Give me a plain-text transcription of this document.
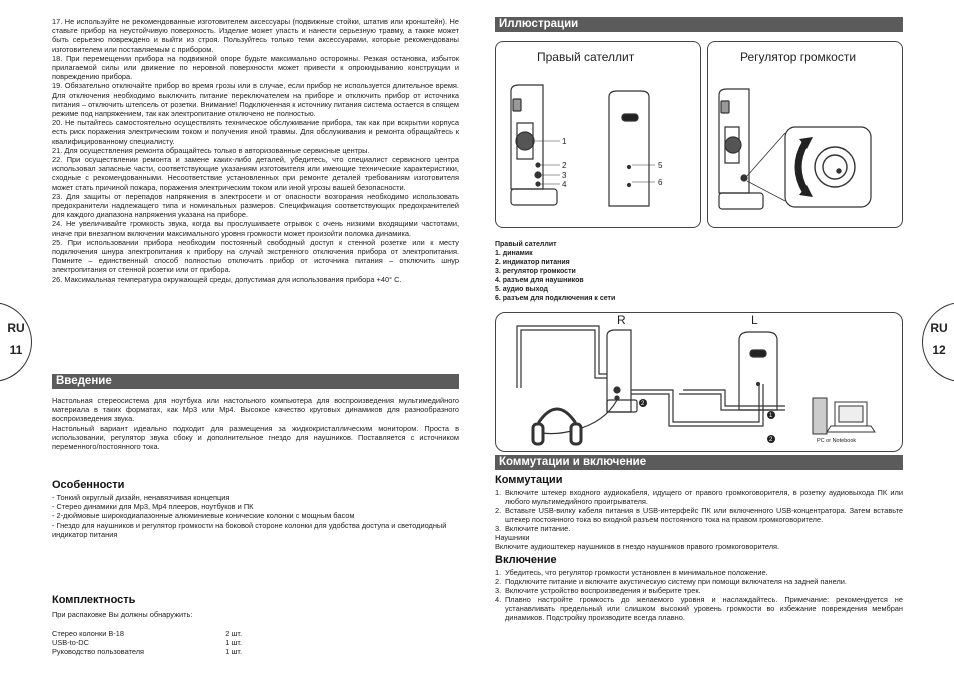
17. Не используйте не рекомендованные изготовителем аксессуары (подвижные стойки, штатив или кронштейн). Не ставьте прибор на неустойчивую поверхность. Изделие может упасть и нанести серьезную травму, а также может быть серьезно повреждено и выйти из строя. Пользуйтесь только теми аксессуарами, которые рекомендованы изготовителем или поставляемым с прибором.

18. При перемещении прибора на подвижной опоре будьте максимально осторожны. Резкая остановка, избыток прилагаемой силы или движение по неровной поверхности может привести к опрокидыванию конструкции и повреждению прибора.

19. Обязательно отключайте прибор во время грозы или в случае, если прибор не используется длительное время. Для отключения необходимо выключить питание переключателем на приборе и отключить прибор от источника питания – отключить штепсель от розетки. Внимание! Подключенная к источнику питания система остается в спящем режиме под напряжением, так как электропитание отключено не полностью.

20. Не пытайтесь самостоятельно осуществлять техническое обслуживание прибора, так как при вскрытии корпуса есть риск поражения электрическим током и получения иной травмы. Для обслуживания и ремонта обращайтесь к квалифицированному специалисту.

21. Для осуществления ремонта обращайтесь только в авторизованные сервисные центры.

22. При осуществлении ремонта и замене каких-либо деталей, убедитесь, что специалист сервисного центра использовал запасные части, соответствующие указаниям изготовителя или имеющие технические характеристики, сходные с рекомендованными. Несоответствие установленных при ремонте деталей требованиям изготовителя может стать причиной пожара, поражения электрическим током или иной угрозы вашей безопасности.

23. Для защиты от перепадов напряжения в электросети и от опасности возгорания необходимо использовать предохранители надлежащего типа и номинальных размеров. Спецификация соответствующих предохранителей для каждого диапазона напряжения указана на приборе.

24. Не увеличивайте громкость звука, когда вы прослушиваете отрывок с очень низкими входящими частотами, иначе при внезапном включении максимального уровня громкости может произойти поломка динамика.

25. При использовании прибора необходим постоянный свободный доступ к стенной розетке или к месту подключения шнура электропитания к прибору на случай экстренного отключения прибора от электропитания. Помните – единственный способ полностью отключить прибор от источника питания – отключить шнур электропитания от стенной розетки или от прибора.

26. Максимальная температура окружающей среды, допустимая для использования прибора +40° С.

Введение

Настольная стереосистема для ноутбука или настольного компьютера для воспроизведения мультимедийного материала в таких форматах, как Mp3 или Mp4. Высокое качество круговых динамиков для разнообразного воспроизведения звука.

Настольный вариант идеально подходит для размещения за жидкокристаллическим монитором. Проста в использовании, регулятор звука сбоку и дополнительное гнездо для наушников. Поставляется с источником переменного/постоянного тока.

Особенности

- Тонкий округлый дизайн, ненавязчивая концепция

- Стерео динамики для Mp3, Mp4 плееров, ноутбуков и ПК

- 2-дюймовые широкодиапазонные алюминиевые конические колонки с мощным басом

- Гнездо для наушников и регулятор громкости на боковой стороне колонки для удобства доступа и светодиодный индикатор питания

Комплектность

При распаковке Вы должны обнаружить:

Стерео колонки В-18	2 шт.
USB-to-DC	1 шт.
Руководство пользователя	1 шт.
RU
11
Иллюстрации
Правый сателлит	Регулятор громкости
1
2
3
4
5
6
Правый сателлит
1. динамик
2. индикатор питания
3. регулятор громкости
4. разъем для наушников
5. аудио выход
6. разъем для подключения к сети
R	L
1
2
2	PC or Notebook
Коммутации и включение
Коммутации
1. Включите штекер входного аудиокабеля, идущего от правого громкоговорителя, в розетку аудиовыхода ПК или любого мультимедийного проигрывателя.
2. Вставьте USB-вилку кабеля питания в USB-интерфейс ПК или включенного USB-концентратора. Затем вставьте штекер постоянного тока во входной разъем постоянного тока на правом громкоговорителе.
3. Включите питание.

Наушники

Включите аудиоштекер наушников в гнездо наушников правого громкоговорителя.

Включение
1. Убедитесь, что регулятор громкости установлен в минимальное положение.
2. Подключите питание и включите акустическую систему при помощи включателя на задней панели.
3. Включите устройство воспроизведения и выберите трек.
4. Плавно настройте громкость до желаемого уровня и наслаждайтесь. Примечание: рекомендуется не устанавливать предельный или слишком высокий уровень громкости во избежание повреждения мембран динамиков. Подстройку производите всегда плавно.
RU
12
